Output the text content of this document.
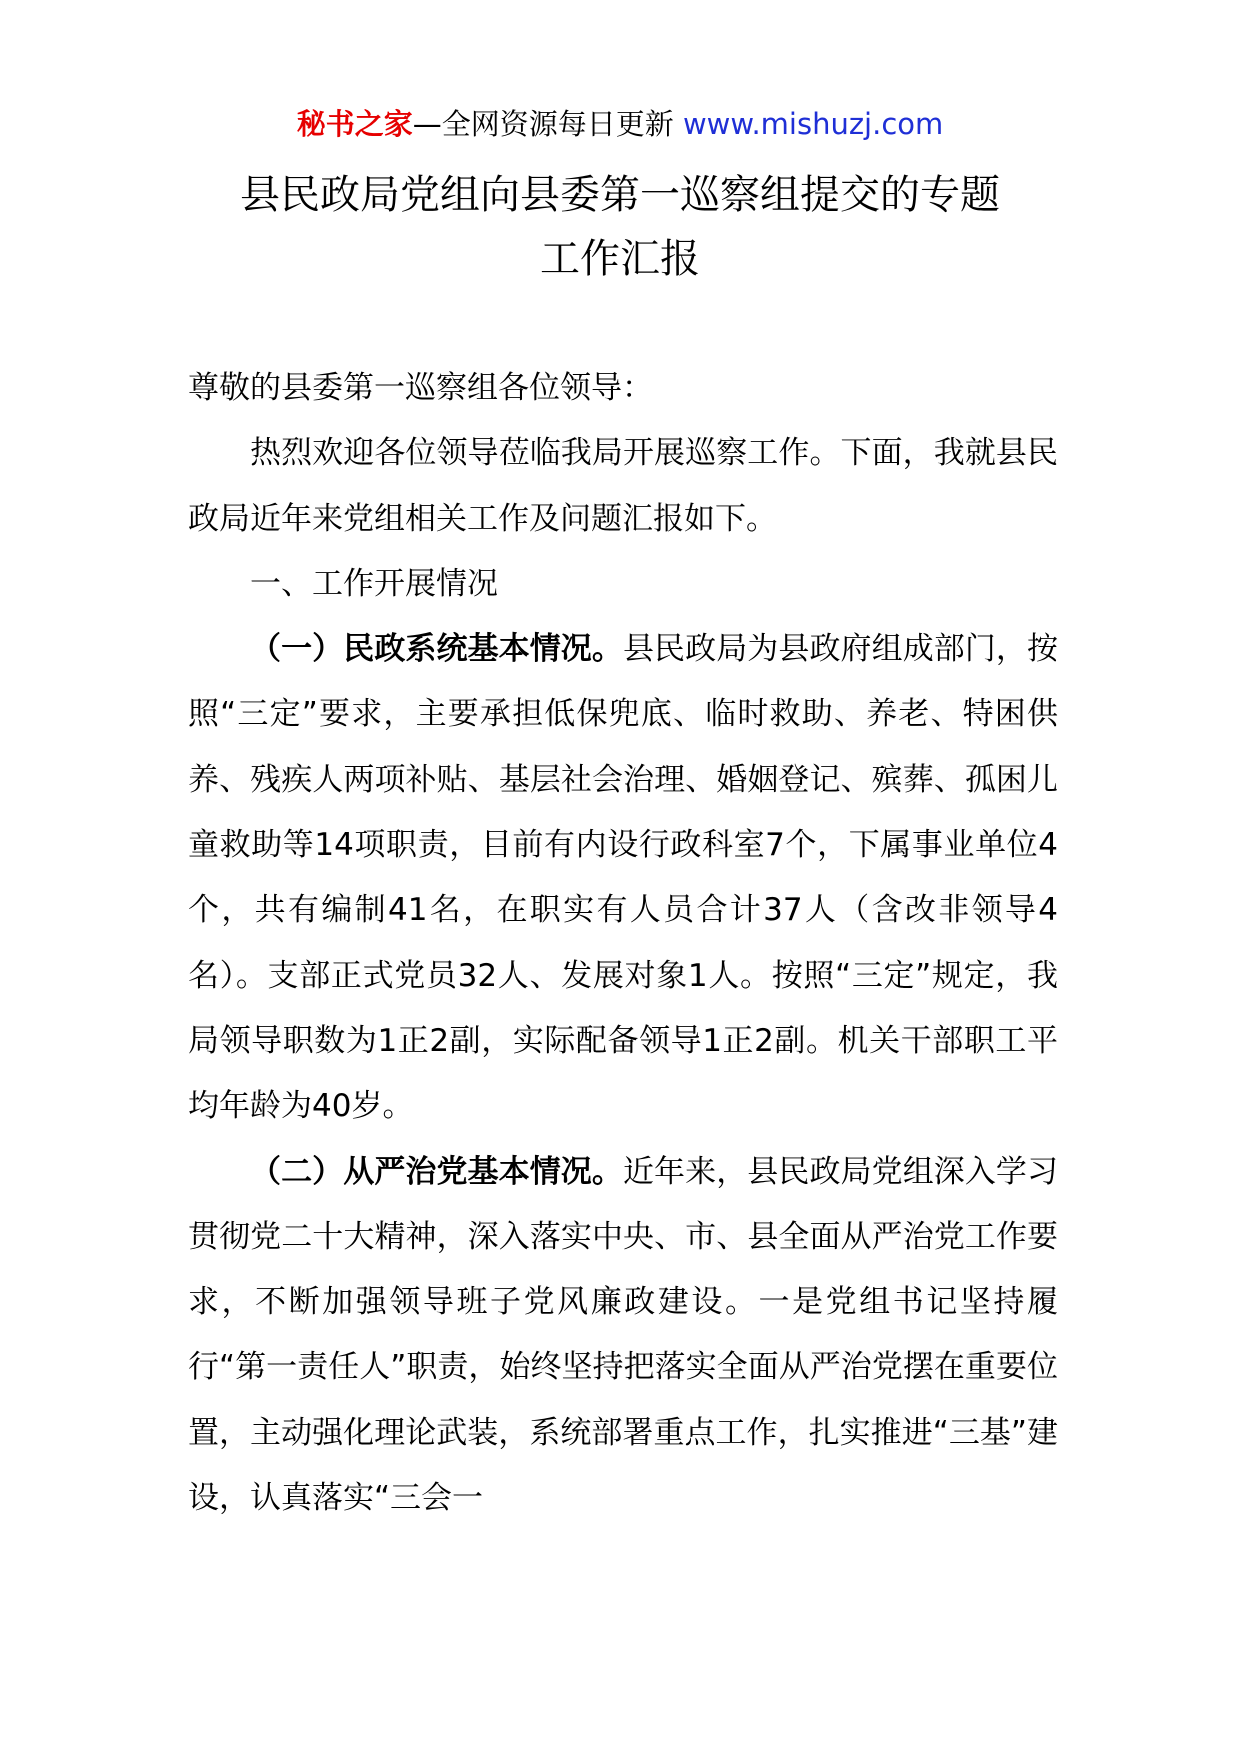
秘书之家—全网资源每日更新 www.mishuzj.com
县民政局党组向县委第一巡察组提交的专题
工作汇报

尊敬的县委第一巡察组各位领导：

热烈欢迎各位领导莅临我局开展巡察工作。下面，我就县民政局近年来党组相关工作及问题汇报如下。

一、工作开展情况

（一）民政系统基本情况。县民政局为县政府组成部门，按照“三定”要求，主要承担低保兜底、临时救助、养老、特困供养、残疾人两项补贴、基层社会治理、婚姻登记、殡葬、孤困儿童救助等14项职责，目前有内设行政科室7个，下属事业单位4个，共有编制41名，在职实有人员合计37人（含改非领导4名）。支部正式党员32人、发展对象1人。按照“三定”规定，我局领导职数为1正2副，实际配备领导1正2副。机关干部职工平均年龄为40岁。

（二）从严治党基本情况。近年来，县民政局党组深入学习贯彻党二十大精神，深入落实中央、市、县全面从严治党工作要求，不断加强领导班子党风廉政建设。一是党组书记坚持履行“第一责任人”职责，始终坚持把落实全面从严治党摆在重要位置，主动强化理论武装，系统部署重点工作，扎实推进“三基”建设，认真落实“三会一
